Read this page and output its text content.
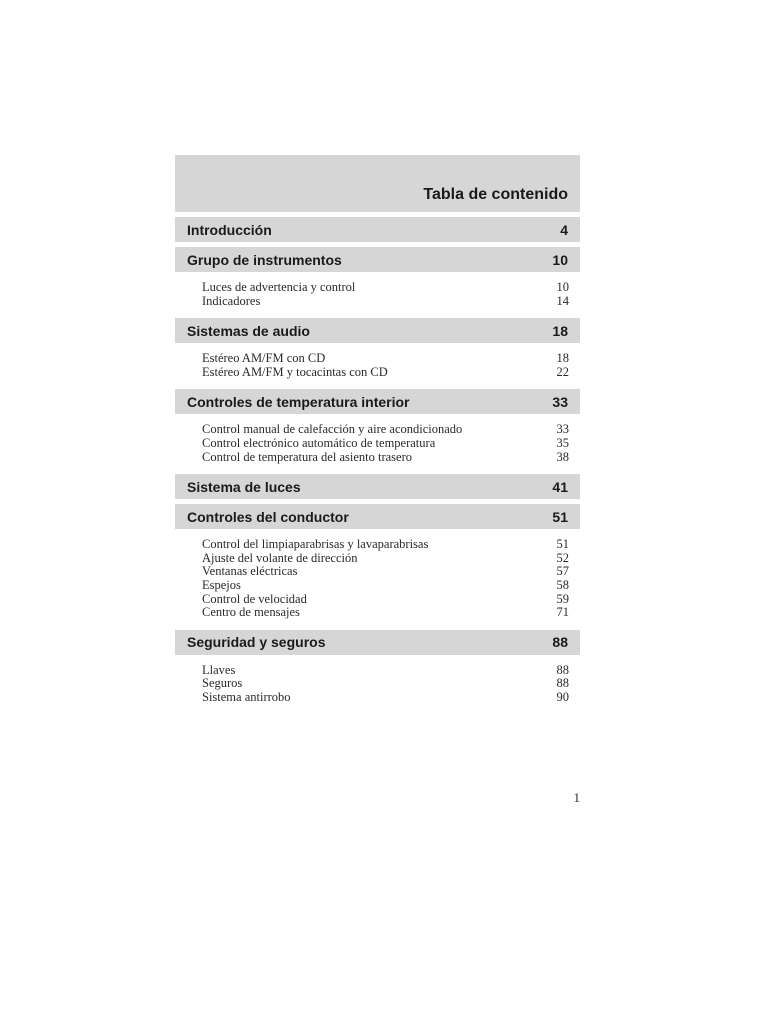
Tabla de contenido
Introducción	4
Grupo de instrumentos	10
Luces de advertencia y control	10
Indicadores	14
Sistemas de audio	18
Estéreo AM/FM con CD	18
Estéreo AM/FM y tocacintas con CD	22
Controles de temperatura interior	33
Control manual de calefacción y aire acondicionado	33
Control electrónico automático de temperatura	35
Control de temperatura del asiento trasero	38
Sistema de luces	41
Controles del conductor	51
Control del limpiaparabrisas y lavaparabrisas	51
Ajuste del volante de dirección	52
Ventanas eléctricas	57
Espejos	58
Control de velocidad	59
Centro de mensajes	71
Seguridad y seguros	88
Llaves	88
Seguros	88
Sistema antirrobo	90
1
